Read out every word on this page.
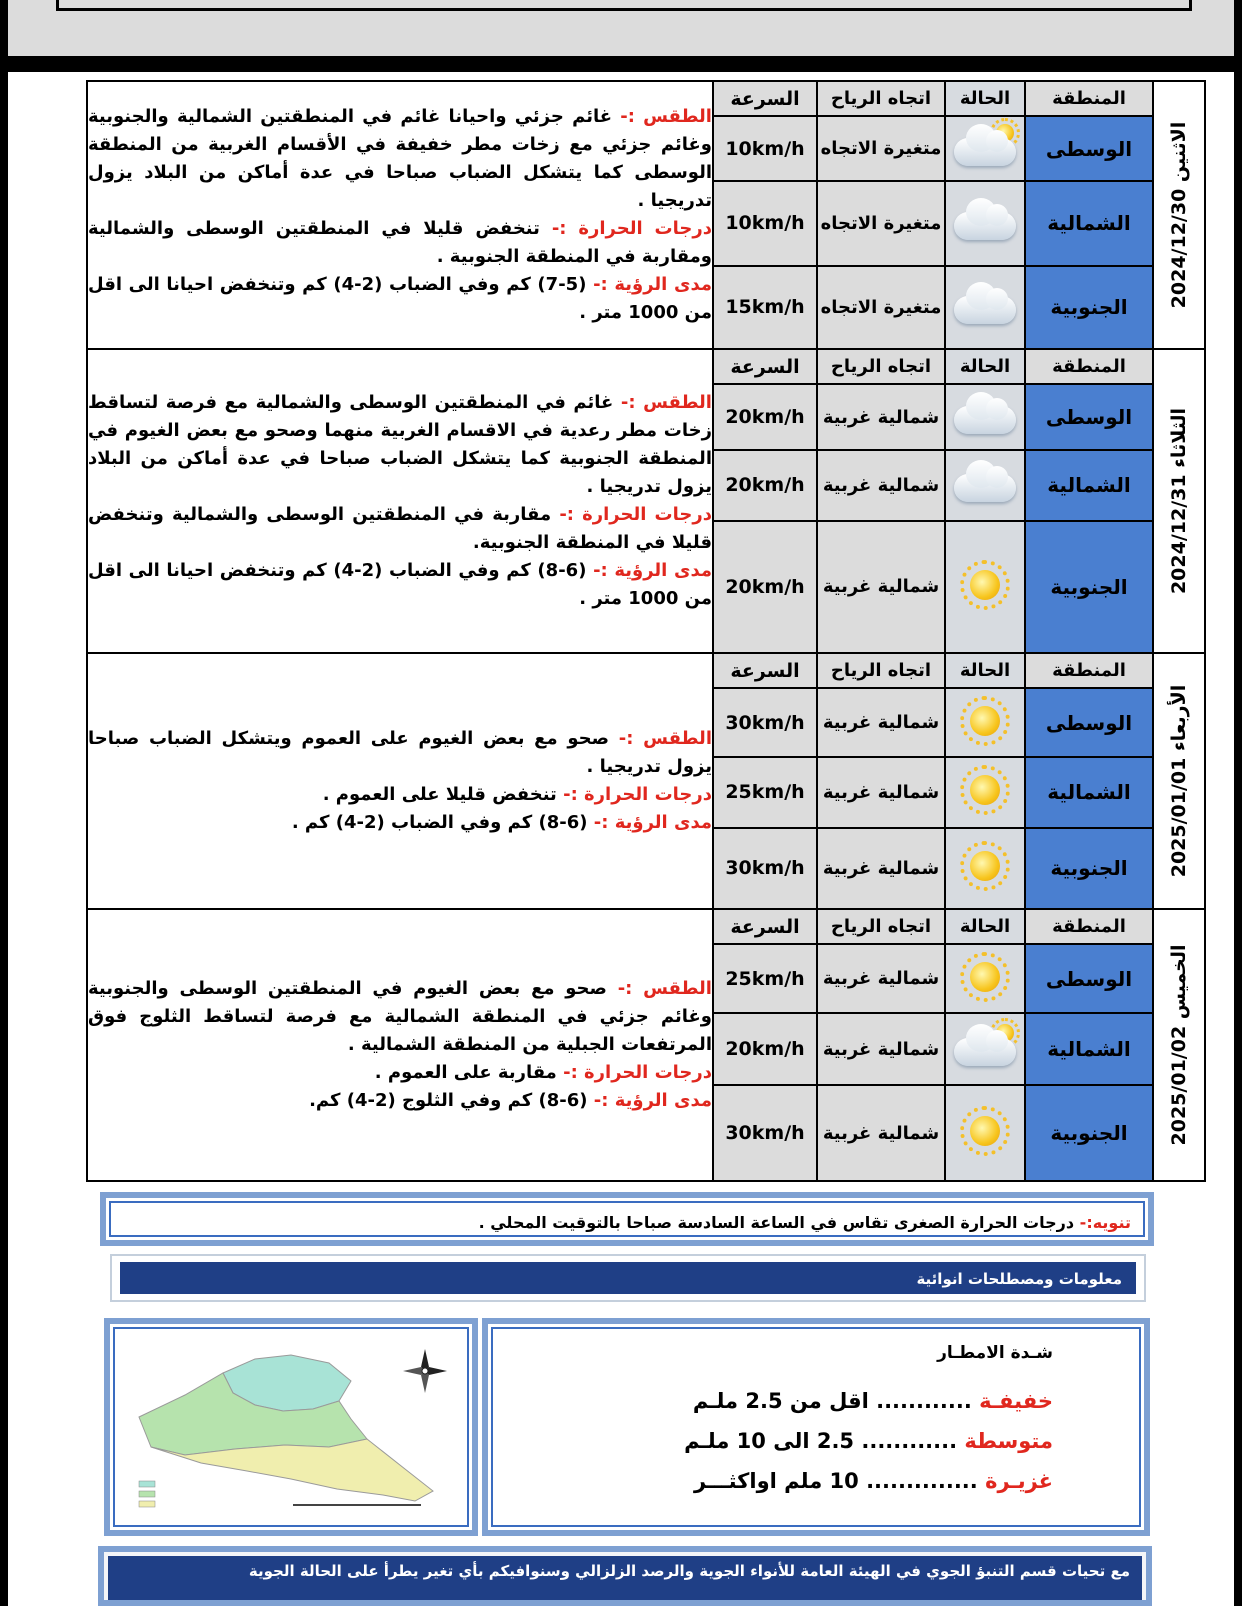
الاثنين 2024/12/30	المنطقة	الحالة	اتجاه الرياح	السرعة	الطقس :- غائم جزئي واحيانا غائم في المنطقتين الشمالية والجنوبية وغائم جزئي مع زخات مطر خفيفة في الأقسام الغربية من المنطقة الوسطى كما يتشكل الضباب صباحا في عدة أماكن من البلاد يزول تدريجيا .

درجات الحرارة :- تنخفض قليلا في المنطقتين الوسطى والشمالية ومقاربة في المنطقة الجنوبية .

مدى الرؤية :- (5-7) كم وفي الضباب (2-4) كم وتنخفض احيانا الى اقل من 1000 متر .

	الوسطى		متغيرة الاتجاه	10km/h	
	الشمالية		متغيرة الاتجاه	10km/h	
	الجنوبية		متغيرة الاتجاه	15km/h	

الثلاثاء 2024/12/31	المنطقة	الحالة	اتجاه الرياح	السرعة	الطقس :- غائم في المنطقتين الوسطى والشمالية مع فرصة لتساقط زخات مطر رعدية في الاقسام الغربية منهما وصحو مع بعض الغيوم في المنطقة الجنوبية كما يتشكل الضباب صباحا في عدة أماكن من البلاد يزول تدريجيا .

درجات الحرارة :- مقاربة في المنطقتين الوسطى والشمالية وتنخفض قليلا في المنطقة الجنوبية.

مدى الرؤية :- (6-8) كم وفي الضباب (2-4) كم وتنخفض احيانا الى اقل من 1000 متر .

	الوسطى		شمالية غربية	20km/h	
	الشمالية		شمالية غربية	20km/h	
	الجنوبية		شمالية غربية	20km/h	

الأربعاء 2025/01/01	المنطقة	الحالة	اتجاه الرياح	السرعة	الطقس :- صحو مع بعض الغيوم على العموم ويتشكل الضباب صباحا يزول تدريجيا .

درجات الحرارة :- تنخفض قليلا على العموم .

مدى الرؤية :- (6-8) كم وفي الضباب (2-4) كم .

	الوسطى		شمالية غربية	30km/h	
	الشمالية		شمالية غربية	25km/h	
	الجنوبية		شمالية غربية	30km/h	

الخميس 2025/01/02	المنطقة	الحالة	اتجاه الرياح	السرعة	الطقس :- صحو مع بعض الغيوم في المنطقتين الوسطى والجنوبية وغائم جزئي في المنطقة الشمالية مع فرصة لتساقط الثلوج فوق المرتفعات الجبلية من المنطقة الشمالية .

درجات الحرارة :- مقاربة على العموم .

مدى الرؤية :- (6-8) كم وفي الثلوج (2-4) كم.

	الوسطى		شمالية غربية	25km/h	
	الشمالية		شمالية غربية	20km/h	
	الجنوبية		شمالية غربية	30km/h	
تنويه:- درجات الحرارة الصغرى تقاس في الساعة السادسة صباحا بالتوقيت المحلي .
معلومات ومصطلحات انوائية
شـدة الامطـار
خفيفـة ............ اقل من 2.5 ملـم
متوسطة ............ 2.5 الى 10 ملـم
غزيـرة .............. 10 ملم اواكثـــر
مع تحيات قسم التنبؤ الجوي في الهيئة العامة للأنواء الجوية والرصد الزلزالي وسنوافيكم بأي تغير يطرأ على الحالة الجوية
